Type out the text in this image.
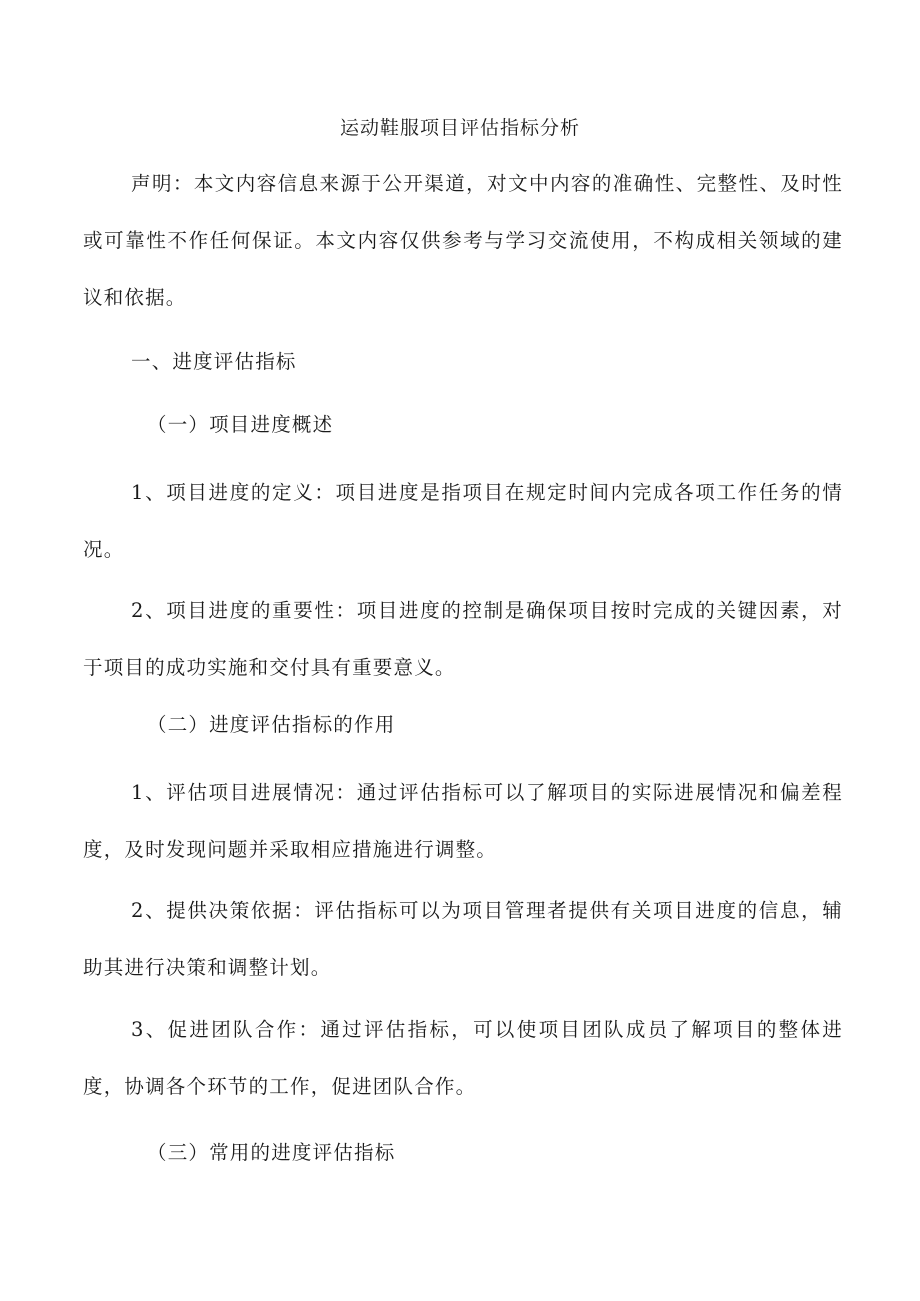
运动鞋服项目评估指标分析

声明：本文内容信息来源于公开渠道，对文中内容的准确性、完整性、及时性或可靠性不作任何保证。本文内容仅供参考与学习交流使用，不构成相关领域的建议和依据。

一、进度评估指标

（一）项目进度概述

1、项目进度的定义：项目进度是指项目在规定时间内完成各项工作任务的情况。

2、项目进度的重要性：项目进度的控制是确保项目按时完成的关键因素，对于项目的成功实施和交付具有重要意义。

（二）进度评估指标的作用

1、评估项目进展情况：通过评估指标可以了解项目的实际进展情况和偏差程度，及时发现问题并采取相应措施进行调整。

2、提供决策依据：评估指标可以为项目管理者提供有关项目进度的信息，辅助其进行决策和调整计划。

3、促进团队合作：通过评估指标，可以使项目团队成员了解项目的整体进度，协调各个环节的工作，促进团队合作。

（三）常用的进度评估指标
